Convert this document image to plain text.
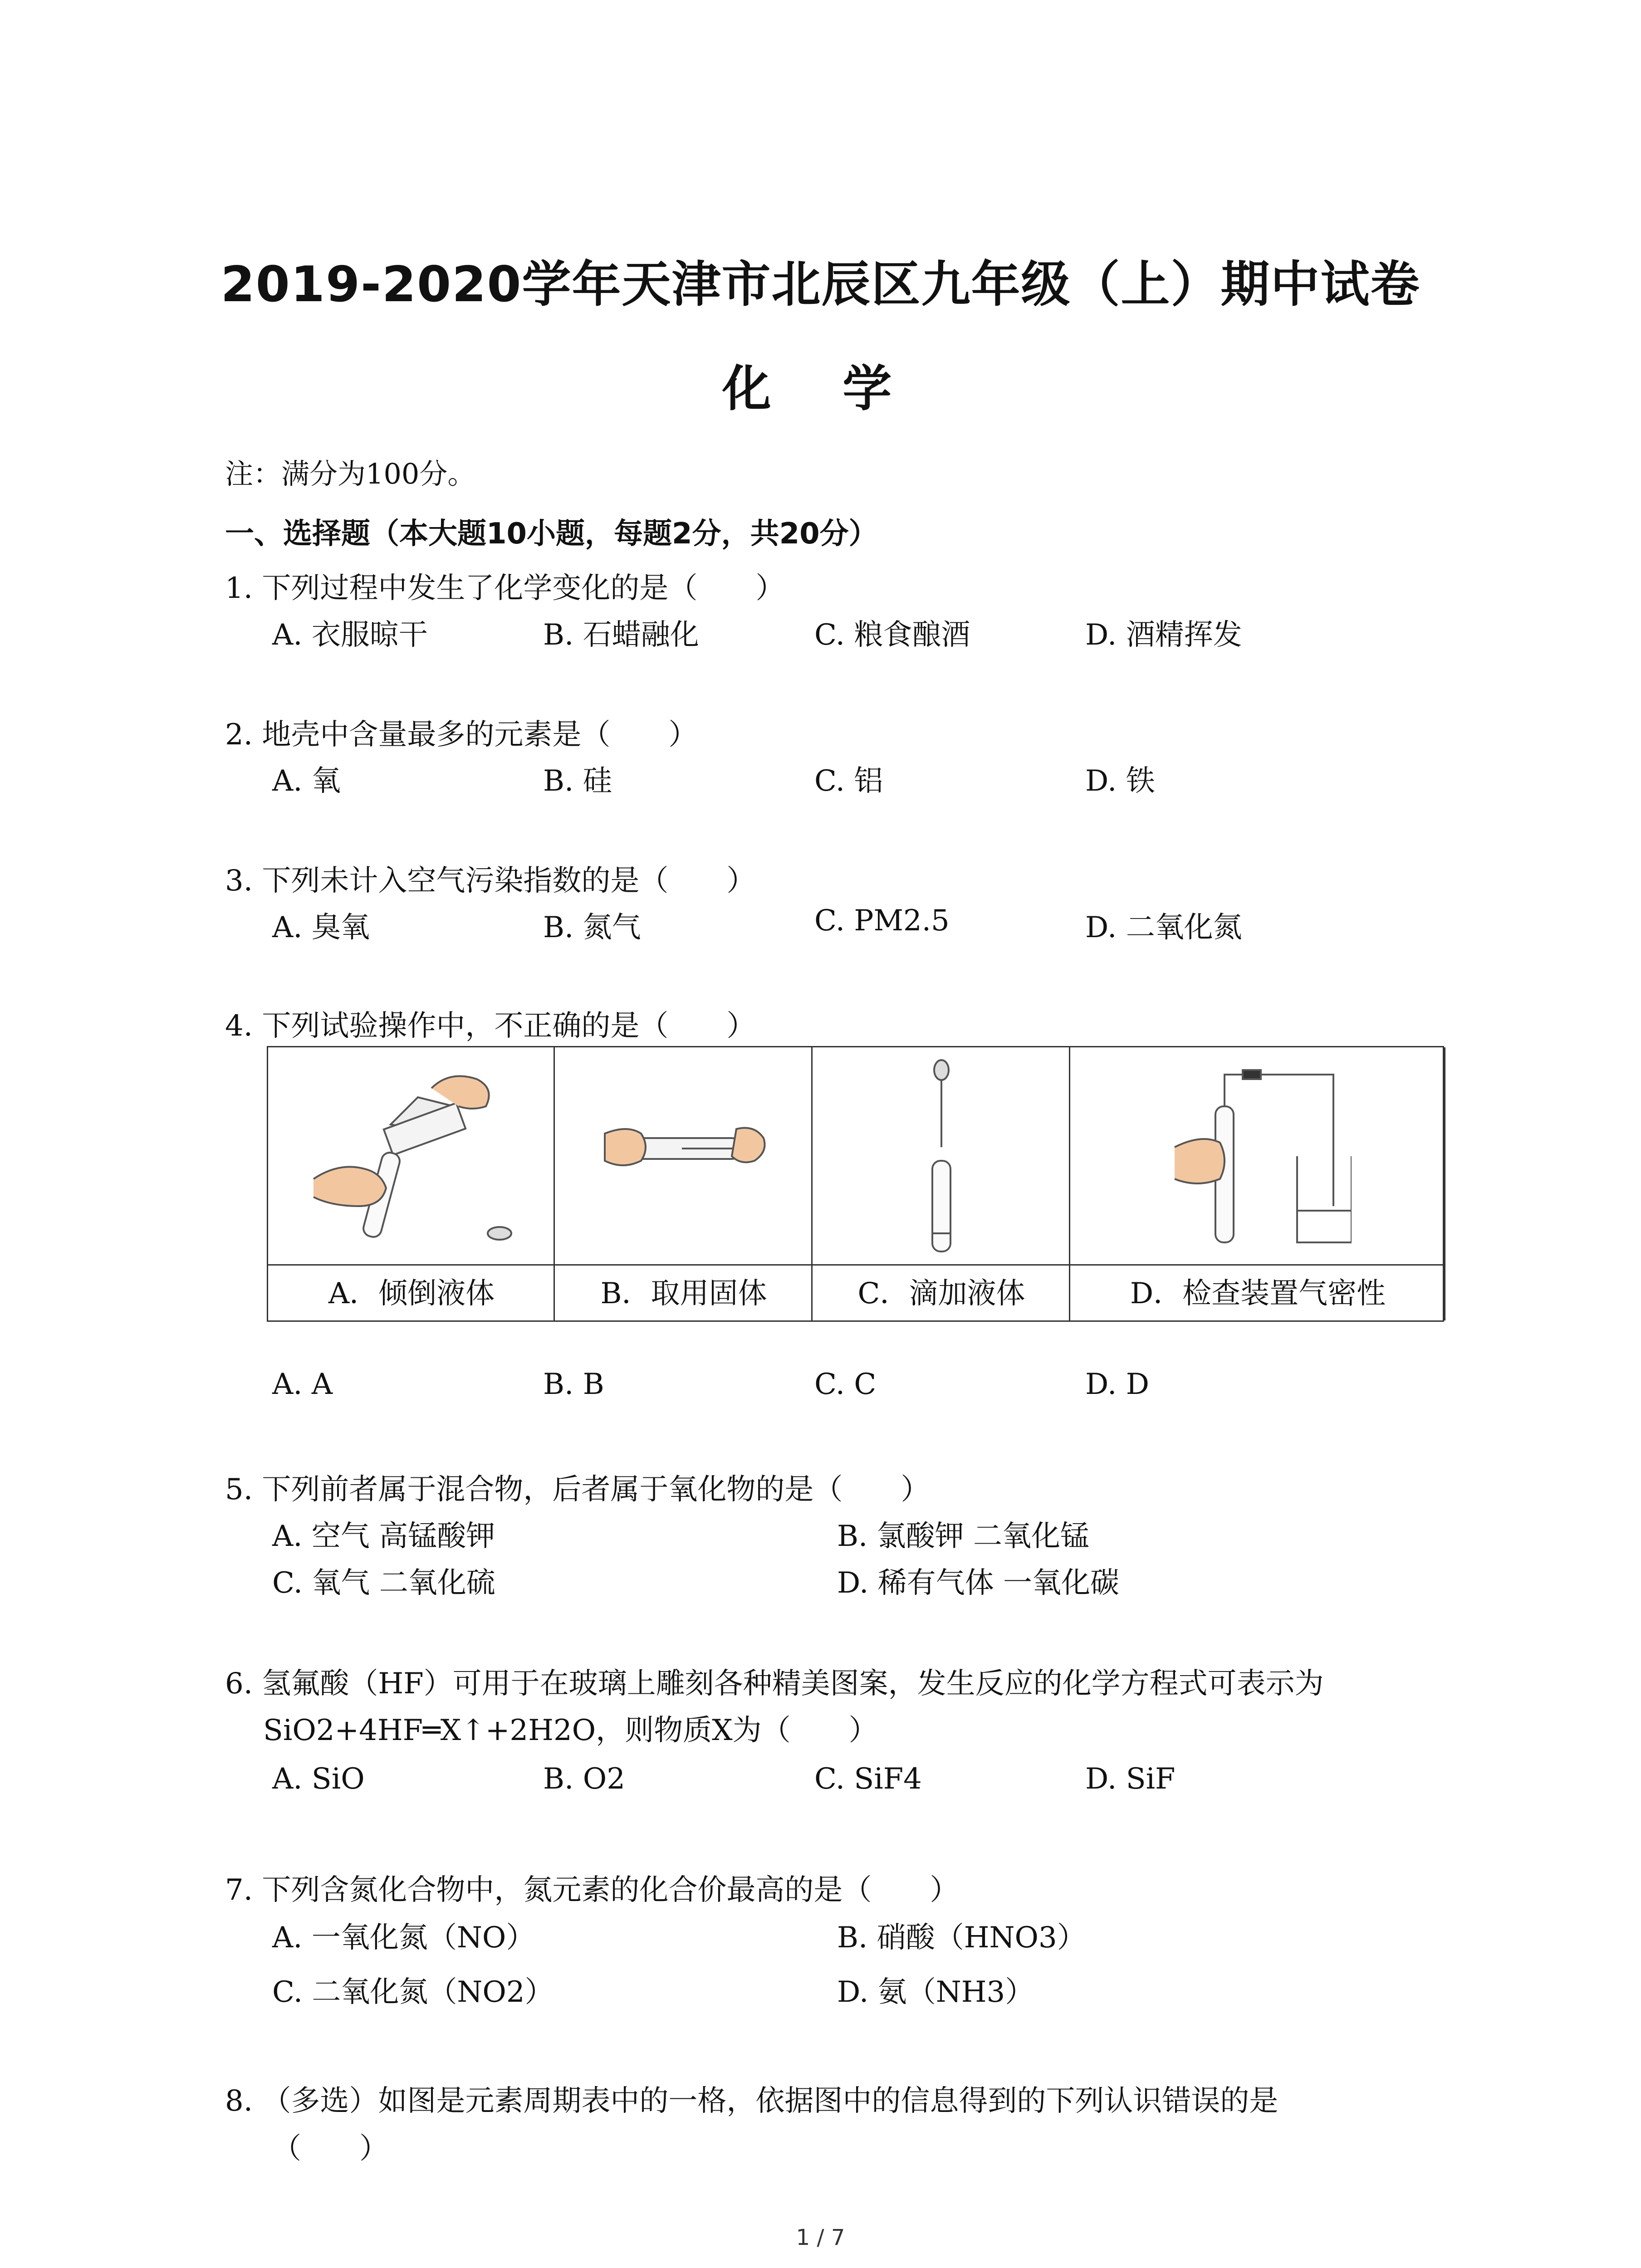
2019-2020学年天津市北辰区九年级（上）期中试卷
化 学
注：满分为100分。
一、选择题（本大题10小题，每题2分，共20分）
1. 下列过程中发生了化学变化的是（　　）
A. 衣服晾干	B. 石蜡融化	C. 粮食酿酒	D. 酒精挥发
2. 地壳中含量最多的元素是（　　）
A. 氧	B. 硅	C. 铝	D. 铁
3. 下列未计入空气污染指数的是（　　）
A. 臭氧	B. 氮气	C. PM2.5	D. 二氧化氮
4. 下列试验操作中，不正确的是（　　）
A．倾倒液体	B．取用固体	C．滴加液体	D．检查装置气密性
A. A	B. B	C. C	D. D
5. 下列前者属于混合物，后者属于氧化物的是（　　）
A. 空气 高锰酸钾	B. 氯酸钾 二氧化锰
C. 氧气 二氧化硫	D. 稀有气体 一氧化碳
6. 氢氟酸（HF）可用于在玻璃上雕刻各种精美图案，发生反应的化学方程式可表示为
SiO2+4HF═X↑+2H2O，则物质X为（　　）
A. SiO	B. O2	C. SiF4	D. SiF
7. 下列含氮化合物中，氮元素的化合价最高的是（　　）
A. 一氧化氮（NO）	B. 硝酸（HNO3）
C. 二氧化氮（NO2）	D. 氨（NH3）
8. （多选）如图是元素周期表中的一格，依据图中的信息得到的下列认识错误的是
（　　）
1 / 7
